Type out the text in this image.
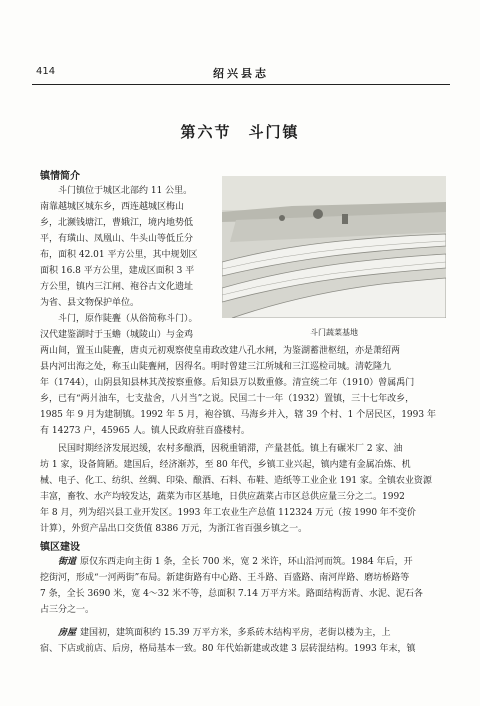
414	绍兴县志
第六节　斗门镇
镇情简介
斗门镇位于城区北部约 11 公里。
南靠越城区城东乡，西连越城区梅山
乡，北濒钱塘江，曹娥江，境内地势低
平，有璜山、凤凰山、牛头山等低丘分
布，面积 42.01 平方公里，其中规划区
面积 16.8 平方公里，建成区面积 3 平
方公里，镇内三江闸、袍谷古文化遗址
为省、县文物保护单位。
斗门，原作陡亹（从俗简称斗门）。
汉代建鉴湖时于玉蟾（城陵山）与金鸡	斗门蔬菜基地
两山间，置玉山陡亹，唐贞元初观察使皇甫政改建八孔水闸，为鉴湖蓄泄枢纽，亦是萧绍两
县内河出海之处，称玉山陡亹闸，因得名。明时曾建三江所城和三江巡检司城。清乾隆九
年（1744），山阴县知县林其茂按察重修。后知县万以数重修。清宣统二年（1910）曾属禹门
乡，已有“两爿油车，七支盐舍，八爿当”之说。民国二十一年（1932）置镇，三十七年改乡，
1985 年 9 月为建制镇。1992 年 5 月，袍谷镇、马海乡并入，辖 39 个村、1 个居民区，1993 年
有 14273 户，45965 人。镇人民政府驻百盛楼村。
民国时期经济发展迟缓，农村多酿酒，因税重销滞，产量甚低。镇上有碾米厂 2 家、油
坊 1 家，设备简陋。建国后，经济渐苏，至 80 年代，乡镇工业兴起，镇内建有金属冶炼、机
械、电子、化工、纺织、丝绸、印染、酿酒、石料、布鞋、造纸等工业企业 191 家。全镇农业资源
丰富，畜牧、水产均较发达，蔬菜为市区基地，日供应蔬菜占市区总供应量三分之二。1992
年 8 月，列为绍兴县工业开发区。1993 年工农业生产总值 112324 万元（按 1990 年不变价
计算），外贸产品出口交货值 8386 万元，为浙江省百强乡镇之一。
镇区建设
街道 原仅东西走向主街 1 条，全长 700 米，宽 2 米许，环山沿河而筑。1984 年后，开
挖街河，形成“一河两街”布局。新建街路有中心路、王斗路、百盛路、南河岸路、磨坊桥路等
7 条，全长 3690 米，宽 4～32 米不等，总面积 7.14 万平方米。路面结构沥青、水泥、泥石各
占三分之一。
房屋 建国初，建筑面积约 15.39 万平方米，多系砖木结构平房，老街以楼为主，上
宿、下店或前店、后房，格局基本一致。80 年代始新建或改建 3 层砖混结构。1993 年末，镇
